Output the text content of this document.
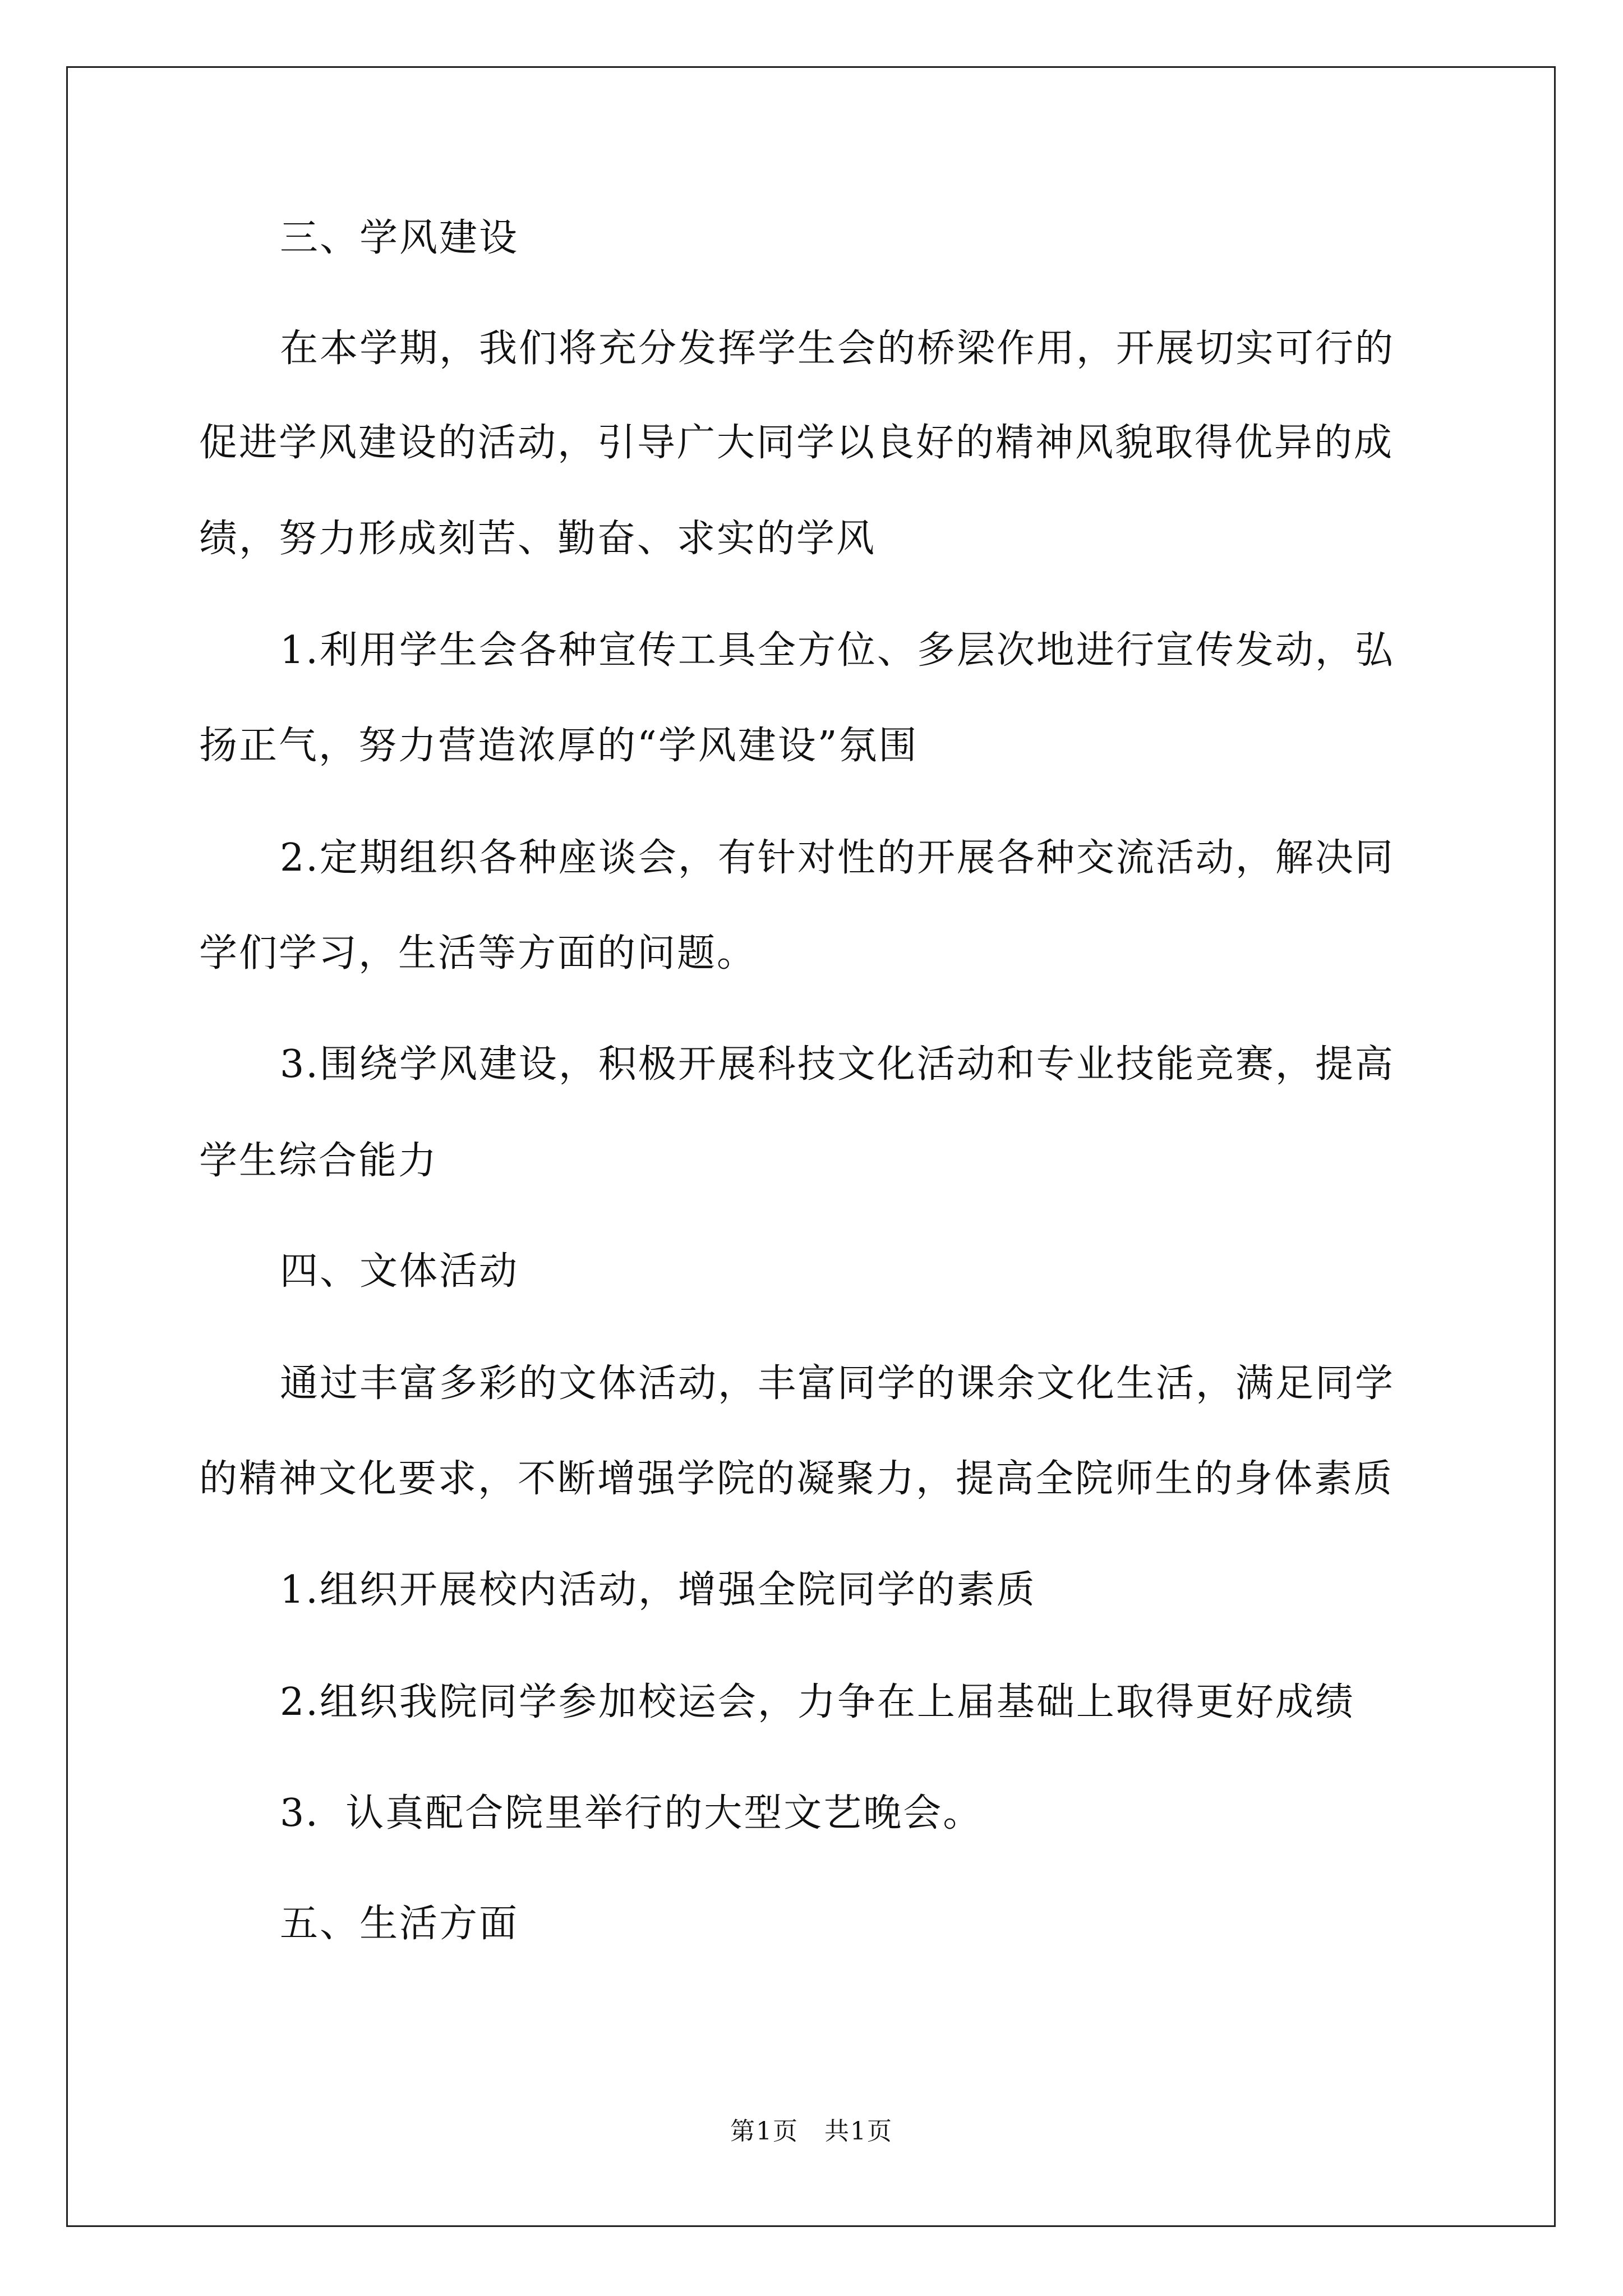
三、学风建设

在本学期，我们将充分发挥学生会的桥梁作用，开展切实可行的

促进学风建设的活动，引导广大同学以良好的精神风貌取得优异的成

绩，努力形成刻苦、勤奋、求实的学风

1.利用学生会各种宣传工具全方位、多层次地进行宣传发动，弘

扬正气，努力营造浓厚的“学风建设”氛围

2.定期组织各种座谈会，有针对性的开展各种交流活动，解决同

学们学习，生活等方面的问题。

3.围绕学风建设，积极开展科技文化活动和专业技能竞赛，提高

学生综合能力

四、文体活动

通过丰富多彩的文体活动，丰富同学的课余文化生活，满足同学

的精神文化要求，不断增强学院的凝聚力，提高全院师生的身体素质

1.组织开展校内活动，增强全院同学的素质

2.组织我院同学参加校运会，力争在上届基础上取得更好成绩

3．认真配合院里举行的大型文艺晚会。

五、生活方面

第1页　共1页
